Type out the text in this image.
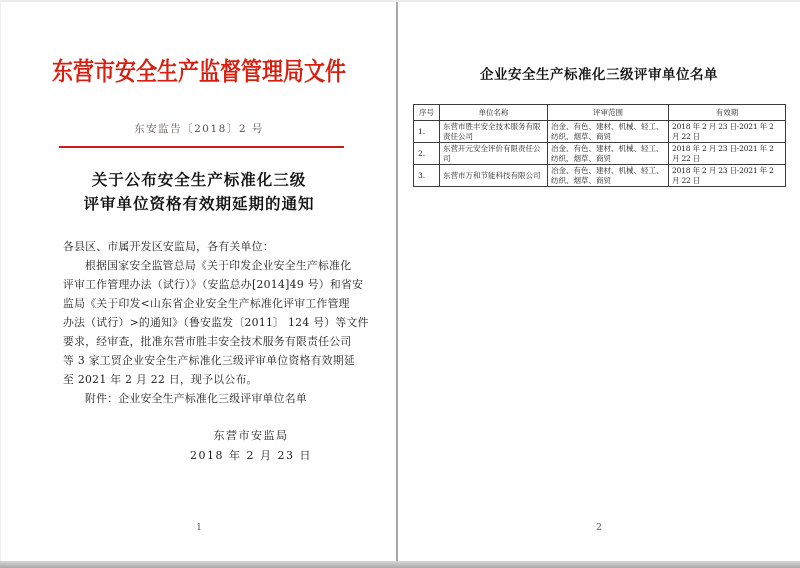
东营市安全生产监督管理局文件
东安监告〔2018〕2 号
关于公布安全生产标准化三级
评审单位资格有效期延期的通知
各县区、市属开发区安监局，各有关单位：
根据国家安全监管总局《关于印发企业安全生产标准化
评审工作管理办法（试行）》（安监总办[2014]49 号）和省安
监局《关于印发<山东省企业安全生产标准化评审工作管理
办法（试行）>的通知》（鲁安监发〔2011〕 124 号）等文件
要求，经审查，批准东营市胜丰安全技术服务有限责任公司
等 3 家工贸企业安全生产标准化三级评审单位资格有效期延
至 2021 年 2 月 22 日，现予以公布。
附件：企业安全生产标准化三级评审单位名单
东营市安监局
2018 年 2 月 23 日
1
企业安全生产标准化三级评审单位名单
序号	单位名称	评审范围	有效期
1.	东营市胜丰安全技术服务有限责任公司	冶金、有色、建材、机械、轻工、纺织、烟草、商贸	2018 年 2 月 23 日-2021 年 2 月 22 日
2.	东营开元安全评价有限责任公司	冶金、有色、建材、机械、轻工、纺织、烟草、商贸	2018 年 2 月 23 日-2021 年 2 月 22 日
3.	东营市万和节能科技有限公司	冶金、有色、建材、机械、轻工、纺织、烟草、商贸	2018 年 2 月 23 日-2021 年 2 月 22 日
2
